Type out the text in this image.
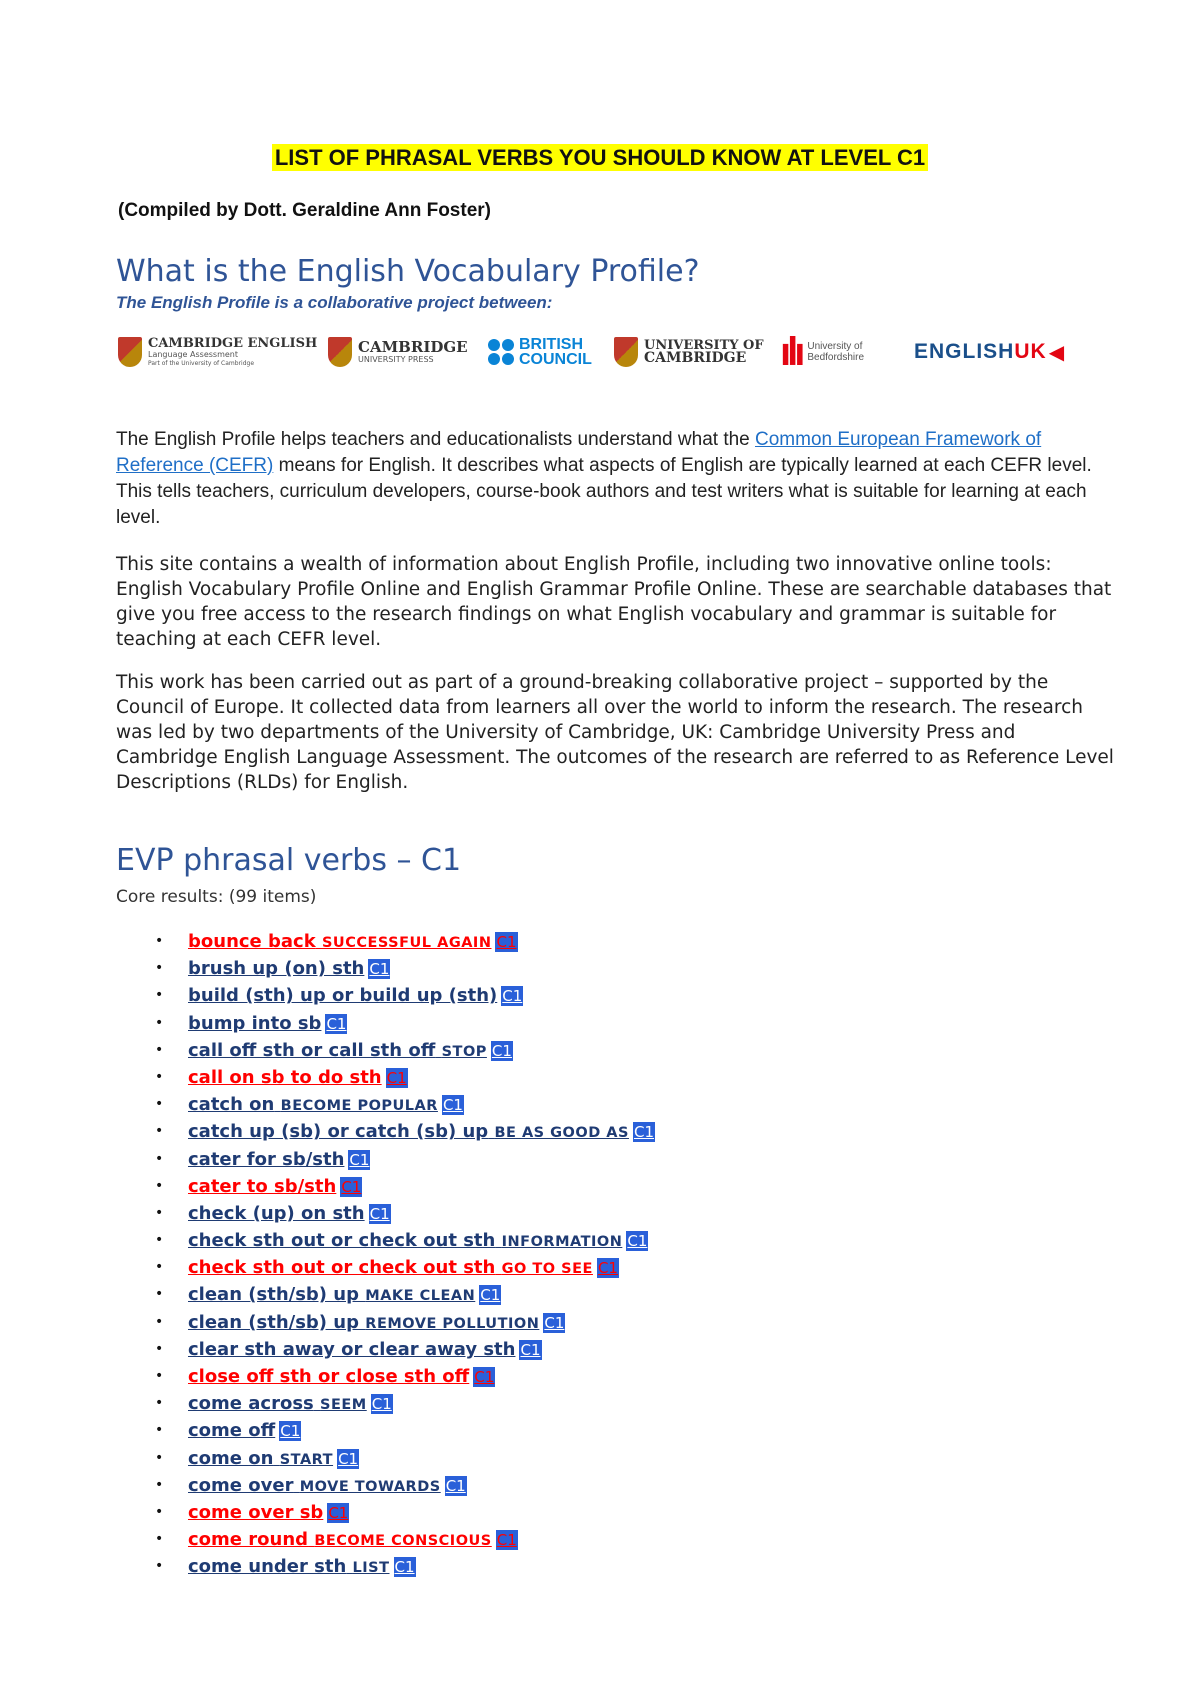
LIST OF PHRASAL VERBS YOU SHOULD KNOW AT LEVEL C1
(Compiled by Dott. Geraldine Ann Foster)
What is the English Vocabulary Profile?
The English Profile is a collaborative project between:
CAMBRIDGE ENGLISH
Language Assessment
Part of the University of Cambridge
CAMBRIDGE
UNIVERSITY PRESS
BRITISH
COUNCIL
UNIVERSITY OF
CAMBRIDGE ılı University of
Bedfordshire ENGLISHUK ◀
The English Profile helps teachers and educationalists understand what the Common European Framework of Reference (CEFR) means for English. It describes what aspects of English are typically learned at each CEFR level. This tells teachers, curriculum developers, course-book authors and test writers what is suitable for learning at each level.
This site contains a wealth of information about English Profile, including two innovative online tools: English Vocabulary Profile Online and English Grammar Profile Online. These are searchable databases that give you free access to the research findings on what English vocabulary and grammar is suitable for teaching at each CEFR level.
This work has been carried out as part of a ground-breaking collaborative project – supported by the Council of Europe. It collected data from learners all over the world to inform the research. The research was led by two departments of the University of Cambridge, UK: Cambridge University Press and Cambridge English Language Assessment. The outcomes of the research are referred to as Reference Level Descriptions (RLDs) for English.
EVP phrasal verbs – C1
Core results: (99 items)
• bounce back SUCCESSFUL AGAIN C1
• brush up (on) sth C1
• build (sth) up or build up (sth) C1
• bump into sb C1
• call off sth or call sth off STOP C1
• call on sb to do sth C1
• catch on BECOME POPULAR C1
• catch up (sb) or catch (sb) up BE AS GOOD AS C1
• cater for sb/sth C1
• cater to sb/sth C1
• check (up) on sth C1
• check sth out or check out sth INFORMATION C1
• check sth out or check out sth GO TO SEE C1
• clean (sth/sb) up MAKE CLEAN C1
• clean (sth/sb) up REMOVE POLLUTION C1
• clear sth away or clear away sth C1
• close off sth or close sth off C1
• come across SEEM C1
• come off C1
• come on START C1
• come over MOVE TOWARDS C1
• come over sb C1
• come round BECOME CONSCIOUS C1
• come under sth LIST C1
